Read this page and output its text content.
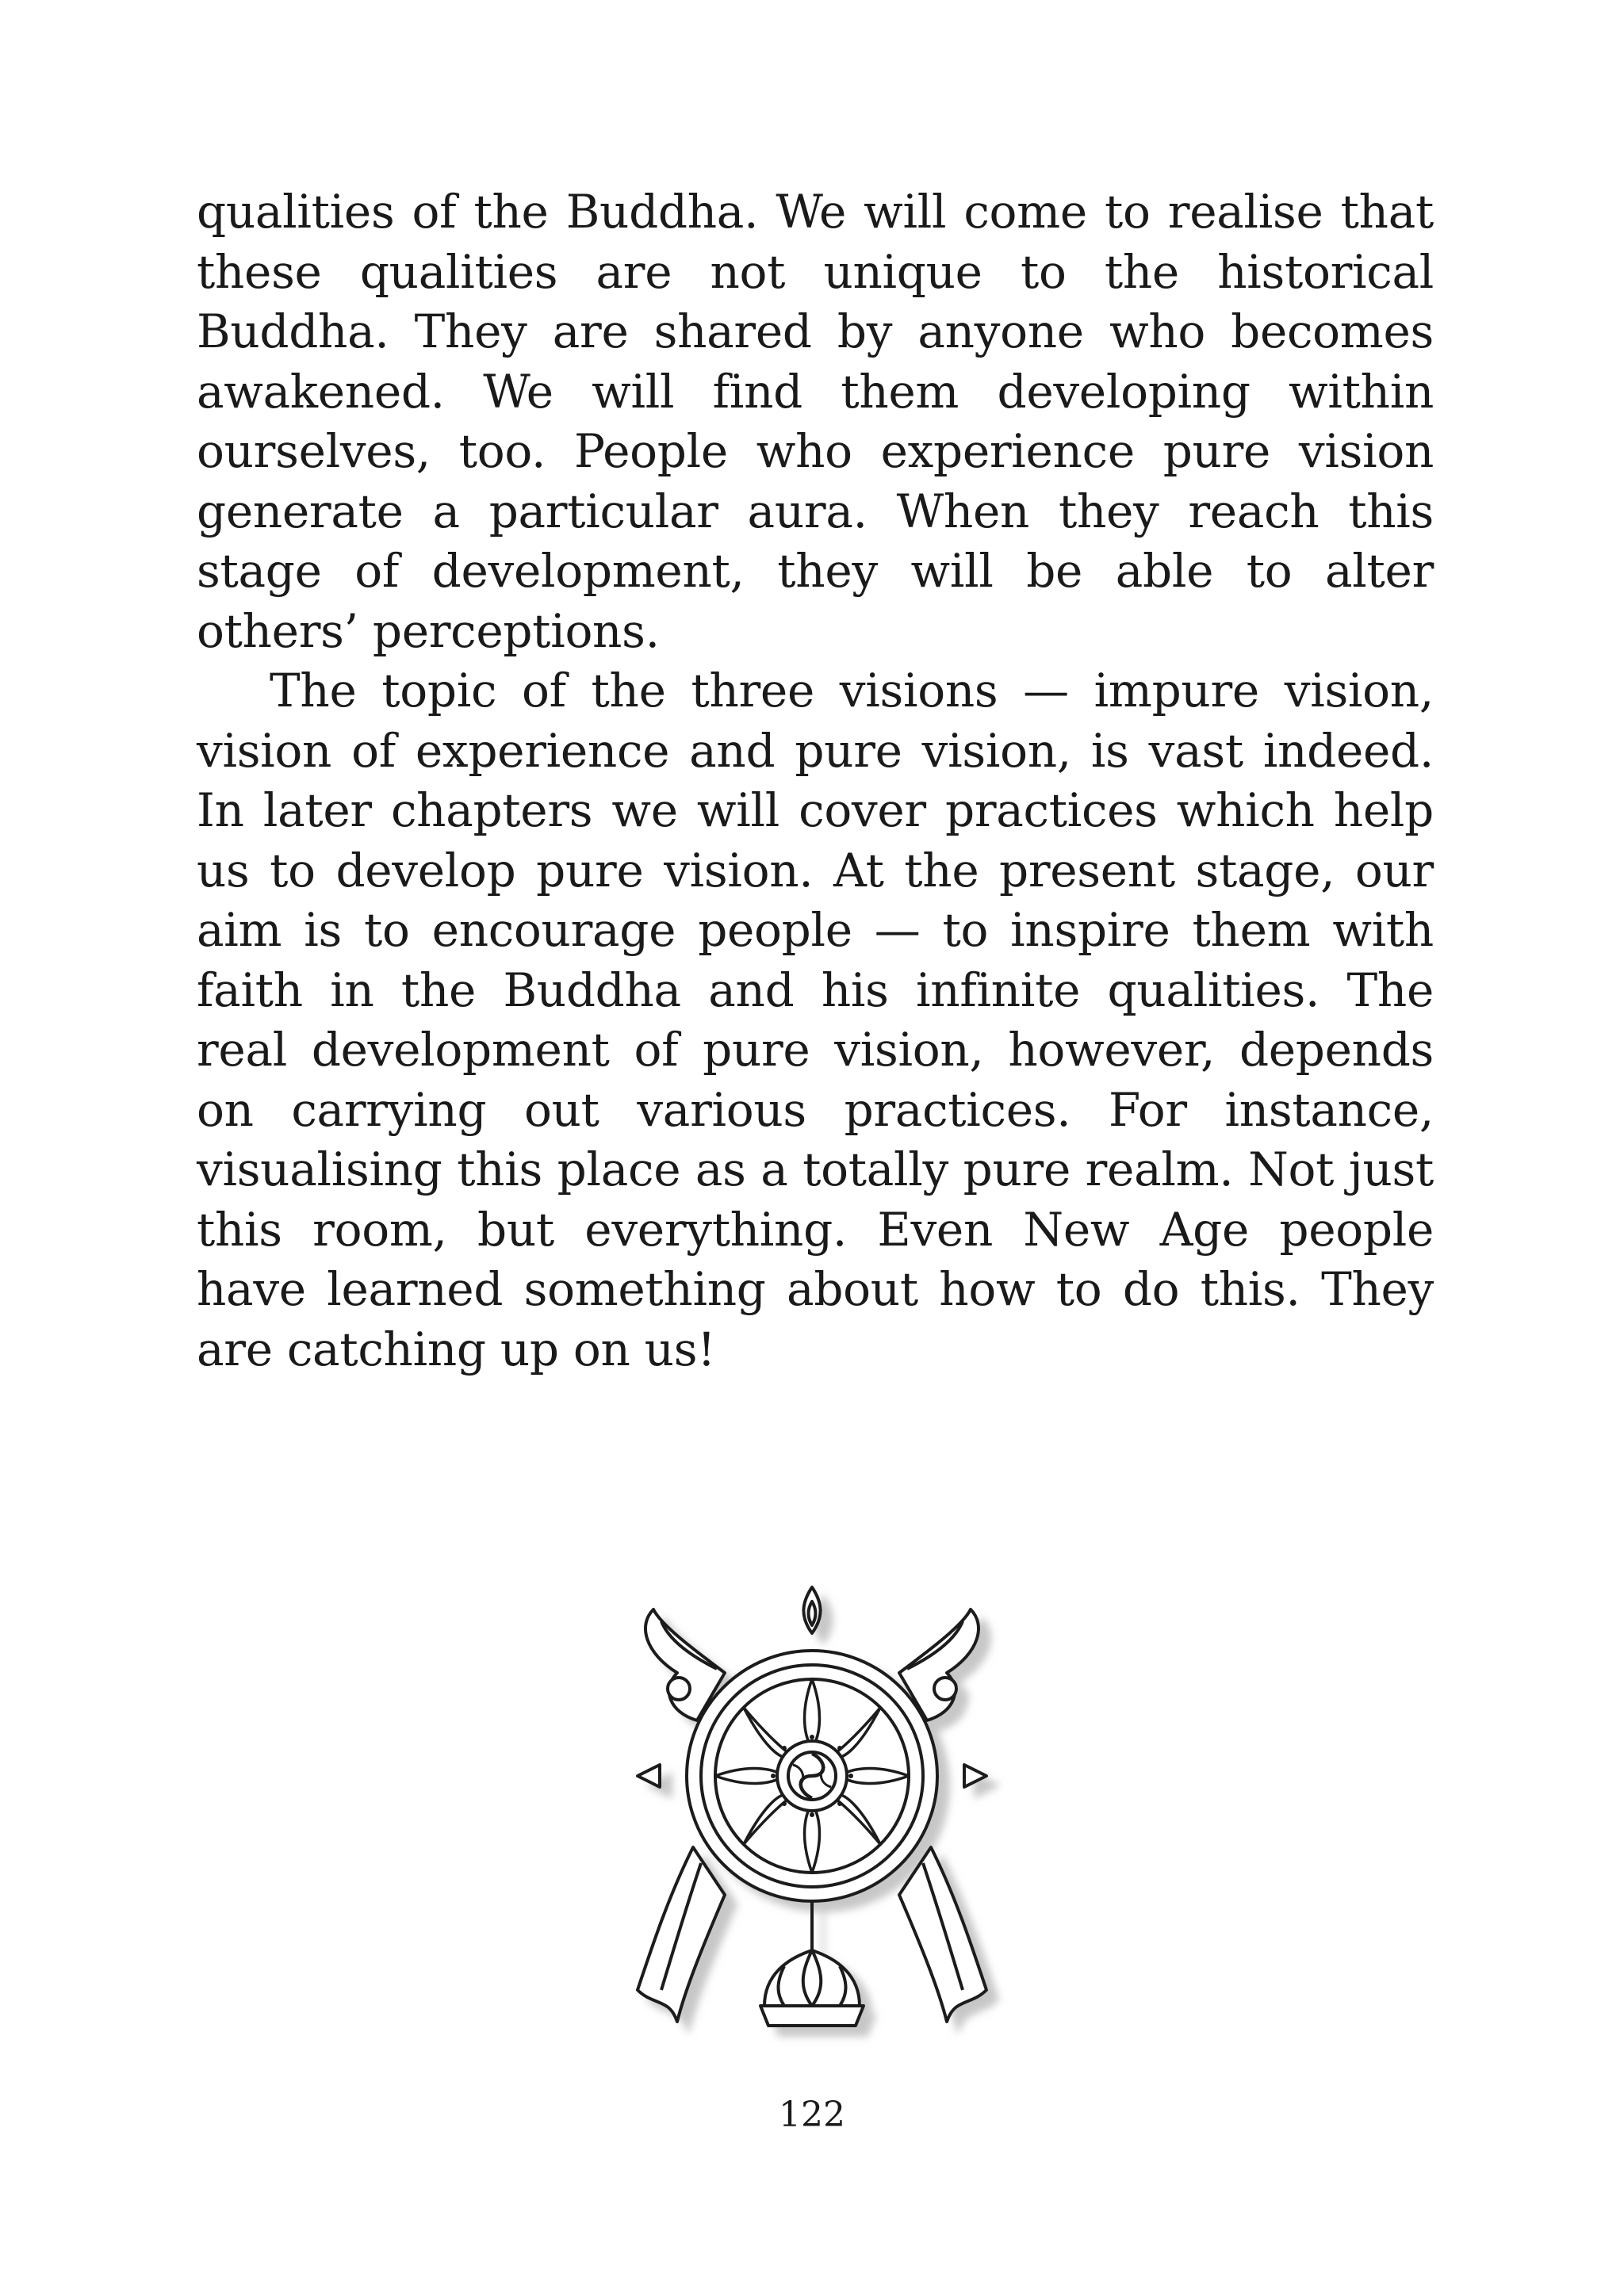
qualities of the Buddha. We will come to realise that these qualities are not unique to the historical Buddha. They are shared by anyone who becomes awakened. We will find them developing within ourselves, too. People who experience pure vision generate a particular aura. When they reach this stage of development, they will be able to alter others’ perceptions.

The topic of the three visions — impure vision, vision of experience and pure vision, is vast indeed. In later chapters we will cover practices which help us to develop pure vision. At the present stage, our aim is to encourage people — to inspire them with faith in the Buddha and his infinite qualities. The real development of pure vision, however, depends on carrying out various practices. For instance, visualising this place as a totally pure realm. Not just this room, but everything. Even New Age people have learned something about how to do this. They are catching up on us!

122
